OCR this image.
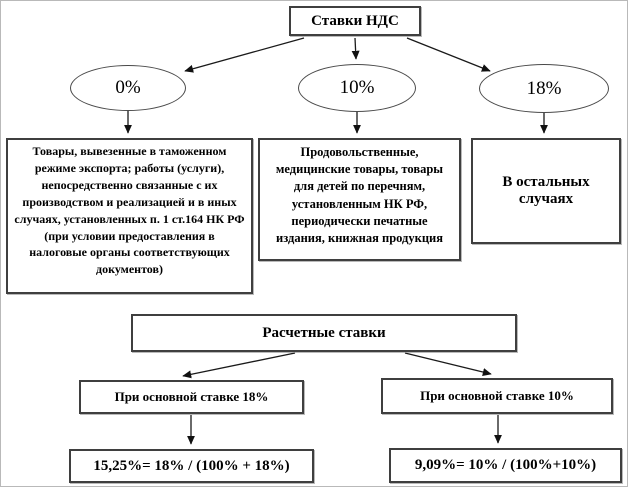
Ставки НДС
0%	10%	18%
Товары, вывезенные в таможенном режиме экспорта; работы (услуги), непосредственно связанные с их производством и реализацией и в иных случаях, установленных п. 1 ст.164 НК РФ (при условии предоставления в налоговые органы соответствующих документов)
Продовольственные, медицинские товары, товары для детей по перечням, установленным НК РФ, периодически печатные издания, книжная продукция
В остальных случаях
Расчетные ставки
При основной ставке 18%	При основной ставке 10%
15,25%= 18% / (100% + 18%)	9,09%= 10% / (100%+10%)
